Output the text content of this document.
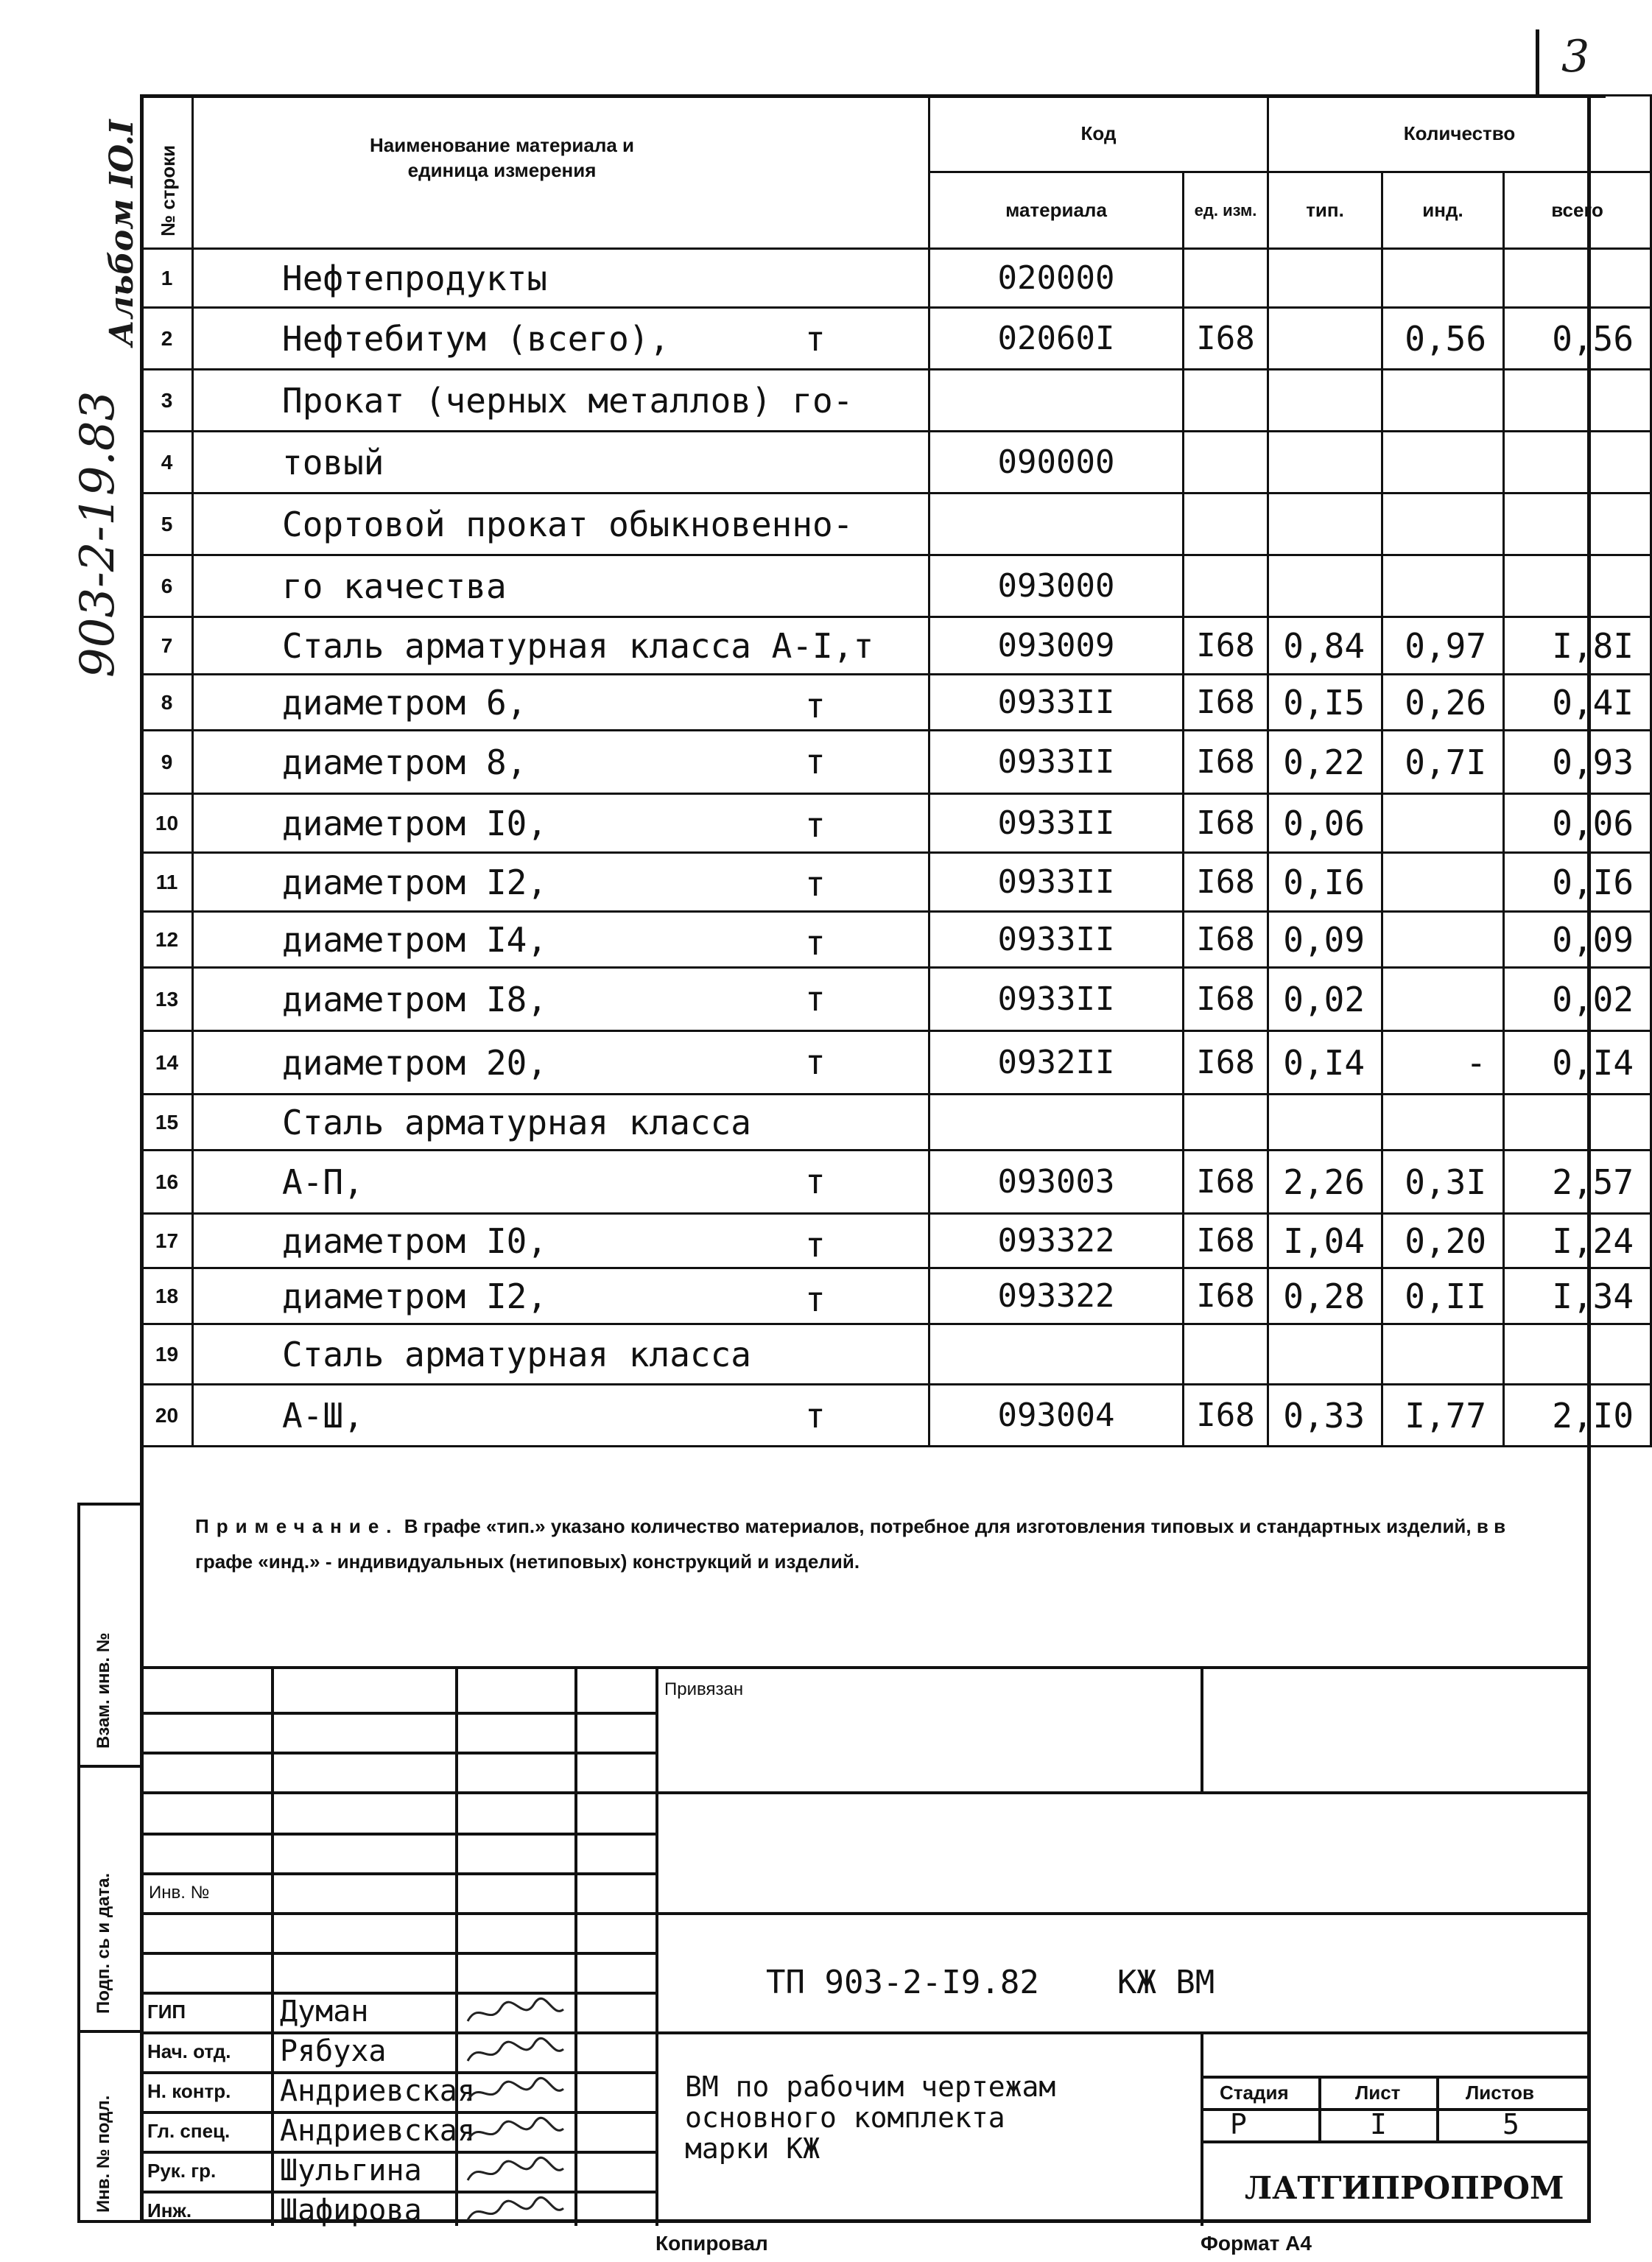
3
903-2-19.83
Альбом IO.I № строки	Наименование материала и единица измерения	Код		Количество		
		материала	ед. изм.	тип.	инд.	всего
1	Нефтепродукты	020000				
2	Нефтебитум (всего), т	02060I	I68		0,56	0,56
3	Прокат (черных металлов) го-					
4	товый	090000				
5	Сортовой прокат обыкновенно-					
6	го качества	093000				
7	Сталь арматурная класса А-I,т	093009	I68	0,84	0,97	I,8I
8	диаметром 6, т	0933II	I68	0,I5	0,26	0,4I
9	диаметром 8, т	0933II	I68	0,22	0,7I	0,93
10	диаметром I0, т	0933II	I68	0,06		0,06
11	диаметром I2, т	0933II	I68	0,I6		0,I6
12	диаметром I4, т	0933II	I68	0,09		0,09
13	диаметром I8, т	0933II	I68	0,02		0,02
14	диаметром 20, т	0932II	I68	0,I4	-	0,I4
15	Сталь арматурная класса					
16	А-П, т	093003	I68	2,26	0,3I	2,57
17	диаметром I0, т	093322	I68	I,04	0,20	I,24
18	диаметром I2, т	093322	I68	0,28	0,II	I,34
19	Сталь арматурная класса					
20	А-Ш, т	093004	I68	0,33	I,77	2,I0
Взам. инв. №
Подп. сь и дата.
Инв. № подл.
Примечание. В графе «тип.» указано количество материалов, потребное для изготовления типовых и стандартных изделий, в в графе «инд.» - индивидуальных (нетиповых) конструкций и изделий.
Привязан
Инв. №
ТП 903-2-I9.82    КЖ ВМ
ВМ по рабочим чертежам
основного комплекта
марки КЖ
Стадия	Лист	Листов
Р	I	5
ЛАТГИПРОПРОМ
ГИП	Думан
Нач. отд. Рябуха
Н. контр. Андриевская
Гл. спец. Андриевская
Рук. гр. Шульгина
Инж.	Шафирова
Копировал	Формат А4
